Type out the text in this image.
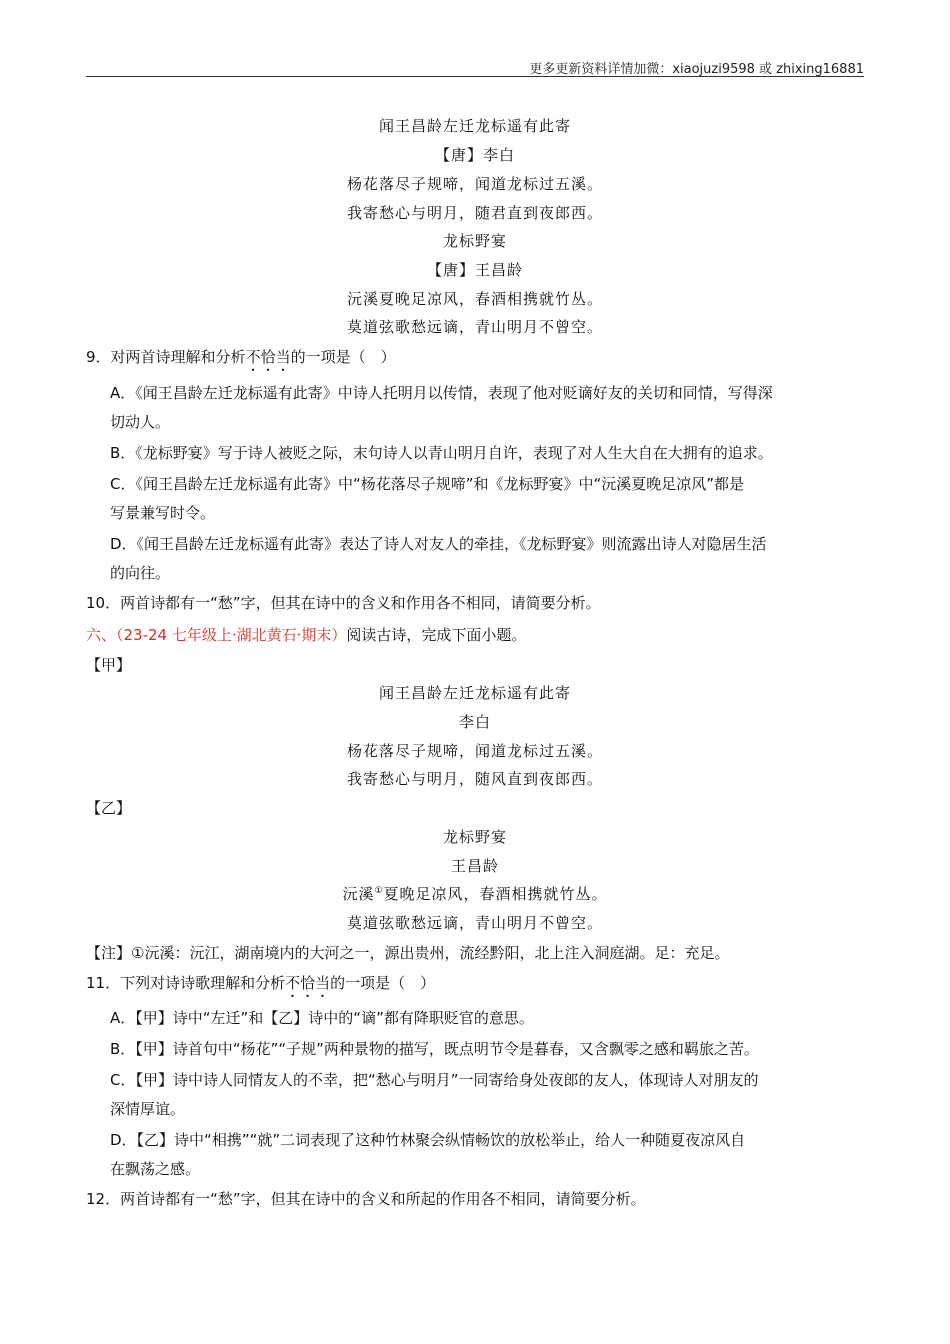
更多更新资料详情加微：xiaojuzi9598 或 zhixing16881
闻王昌龄左迁龙标遥有此寄
【唐】李白
杨花落尽子规啼，闻道龙标过五溪。
我寄愁心与明月，随君直到夜郎西。
龙标野宴
【唐】王昌龄
沅溪夏晚足凉风，春酒相携就竹丛。
莫道弦歌愁远谪，青山明月不曾空。
9．对两首诗理解和分析不恰当的一项是（　）
A．《闻王昌龄左迁龙标遥有此寄》中诗人托明月以传情，表现了他对贬谪好友的关切和同情，写得深
切动人。
B．《龙标野宴》写于诗人被贬之际，末句诗人以青山明月自许，表现了对人生大自在大拥有的追求。
C．《闻王昌龄左迁龙标遥有此寄》中“杨花落尽子规啼”和《龙标野宴》中“沅溪夏晚足凉风”都是
写景兼写时令。
D．《闻王昌龄左迁龙标遥有此寄》表达了诗人对友人的牵挂，《龙标野宴》则流露出诗人对隐居生活
的向往。
10．两首诗都有一“愁”字，但其在诗中的含义和作用各不相同，请简要分析。
六、（23-24 七年级上·湖北黄石·期末）阅读古诗，完成下面小题。
【甲】
闻王昌龄左迁龙标遥有此寄
李白
杨花落尽子规啼，闻道龙标过五溪。
我寄愁心与明月，随风直到夜郎西。
【乙】
龙标野宴
王昌龄
沅溪①夏晚足凉风，春酒相携就竹丛。
莫道弦歌愁远谪，青山明月不曾空。
【注】①沅溪：沅江，湖南境内的大河之一，源出贵州，流经黔阳，北上注入洞庭湖。足：充足。
11．下列对诗诗歌理解和分析不恰当的一项是（　）
A．【甲】诗中“左迁”和【乙】诗中的“谪”都有降职贬官的意思。
B．【甲】诗首句中“杨花”“子规”两种景物的描写，既点明节令是暮春，又含飘零之感和羁旅之苦。
C．【甲】诗中诗人同情友人的不幸，把“愁心与明月”一同寄给身处夜郎的友人，体现诗人对朋友的
深情厚谊。
D．【乙】诗中“相携”“就”二词表现了这种竹林聚会纵情畅饮的放松举止，给人一种随夏夜凉风自
在飘荡之感。
12．两首诗都有一“愁”字，但其在诗中的含义和所起的作用各不相同，请简要分析。
